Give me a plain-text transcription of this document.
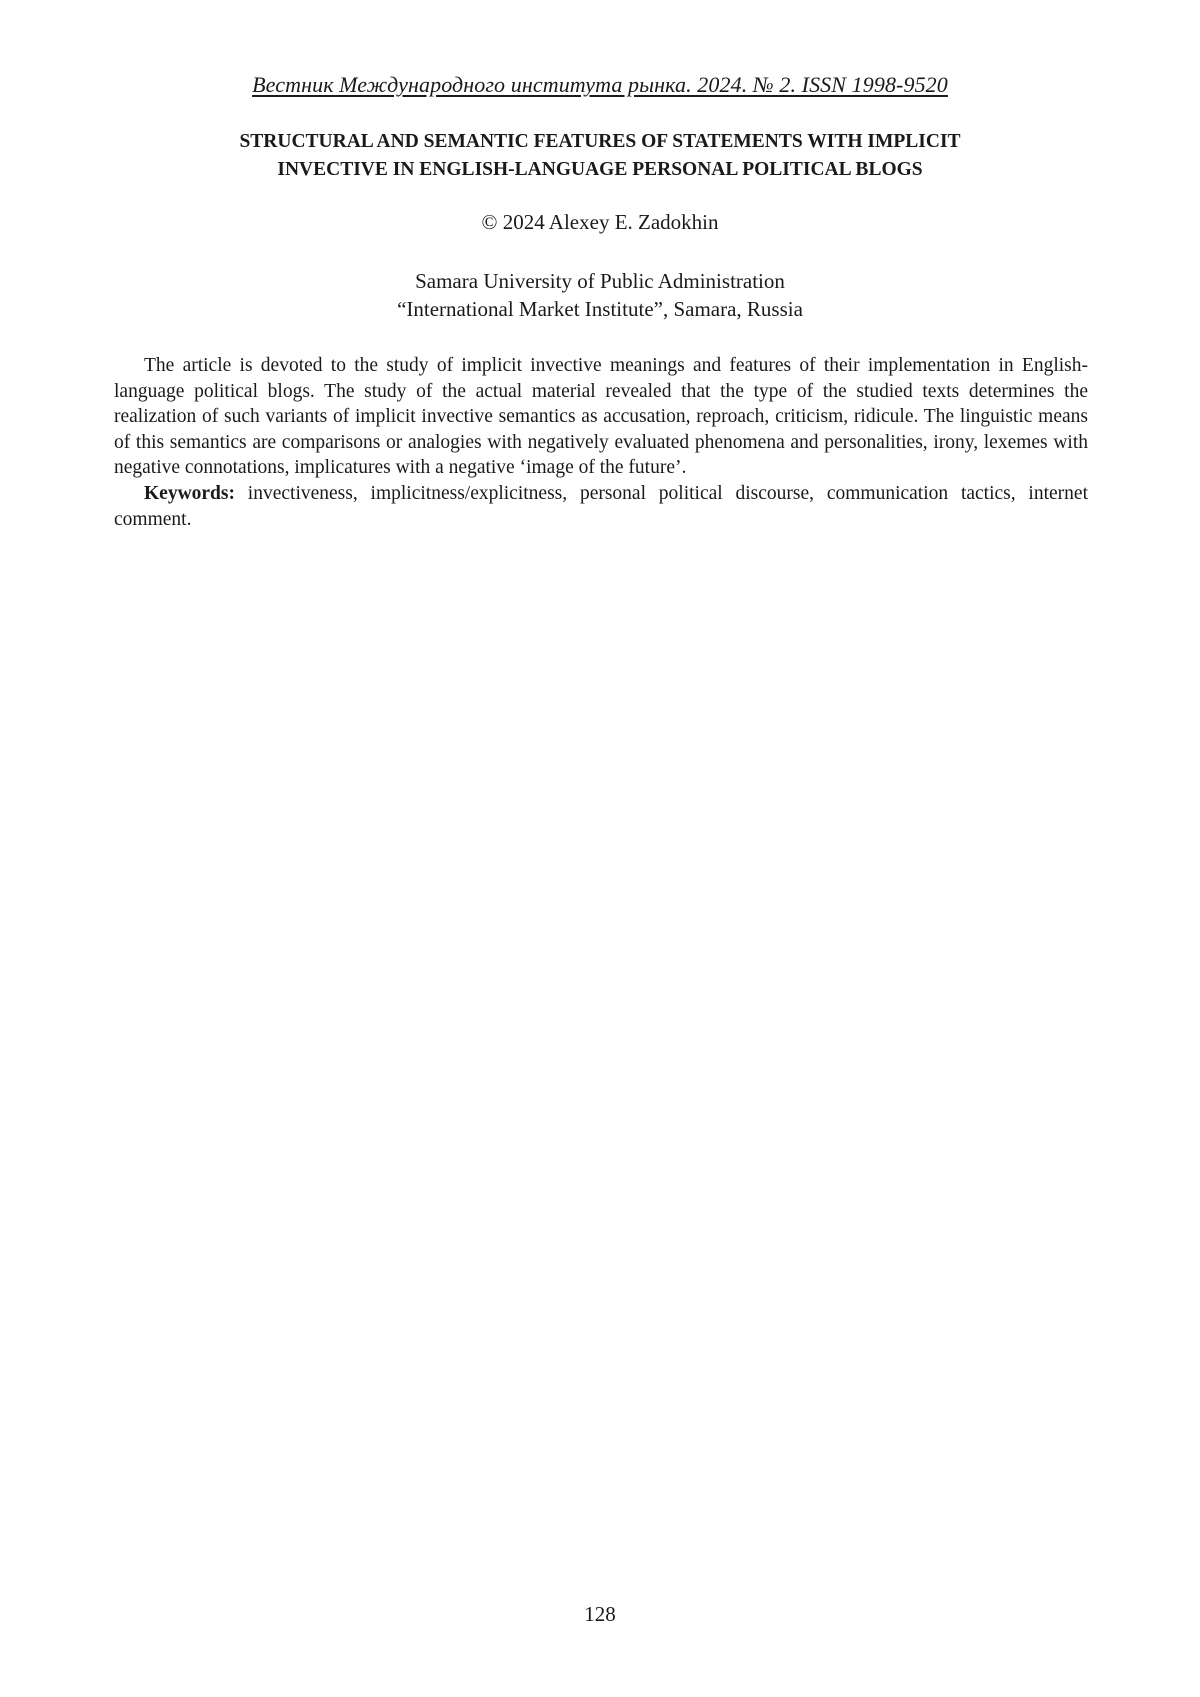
Вестник Международного института рынка. 2024. № 2. ISSN 1998-9520
STRUCTURAL AND SEMANTIC FEATURES OF STATEMENTS WITH IMPLICIT
INVECTIVE IN ENGLISH-LANGUAGE PERSONAL POLITICAL BLOGS
© 2024 Alexey E. Zadokhin
Samara University of Public Administration
“International Market Institute”, Samara, Russia

The article is devoted to the study of implicit invective meanings and features of their implementation in English-language political blogs. The study of the actual material revealed that the type of the studied texts determines the realization of such variants of implicit invective semantics as accusation, reproach, criticism, ridicule. The linguistic means of this semantics are comparisons or analogies with negatively evaluated phenomena and personalities, irony, lexemes with negative connotations, implicatures with a negative ‘image of the future’.

Keywords: invectiveness, implicitness/explicitness, personal political discourse, communication tactics, internet comment.

128
